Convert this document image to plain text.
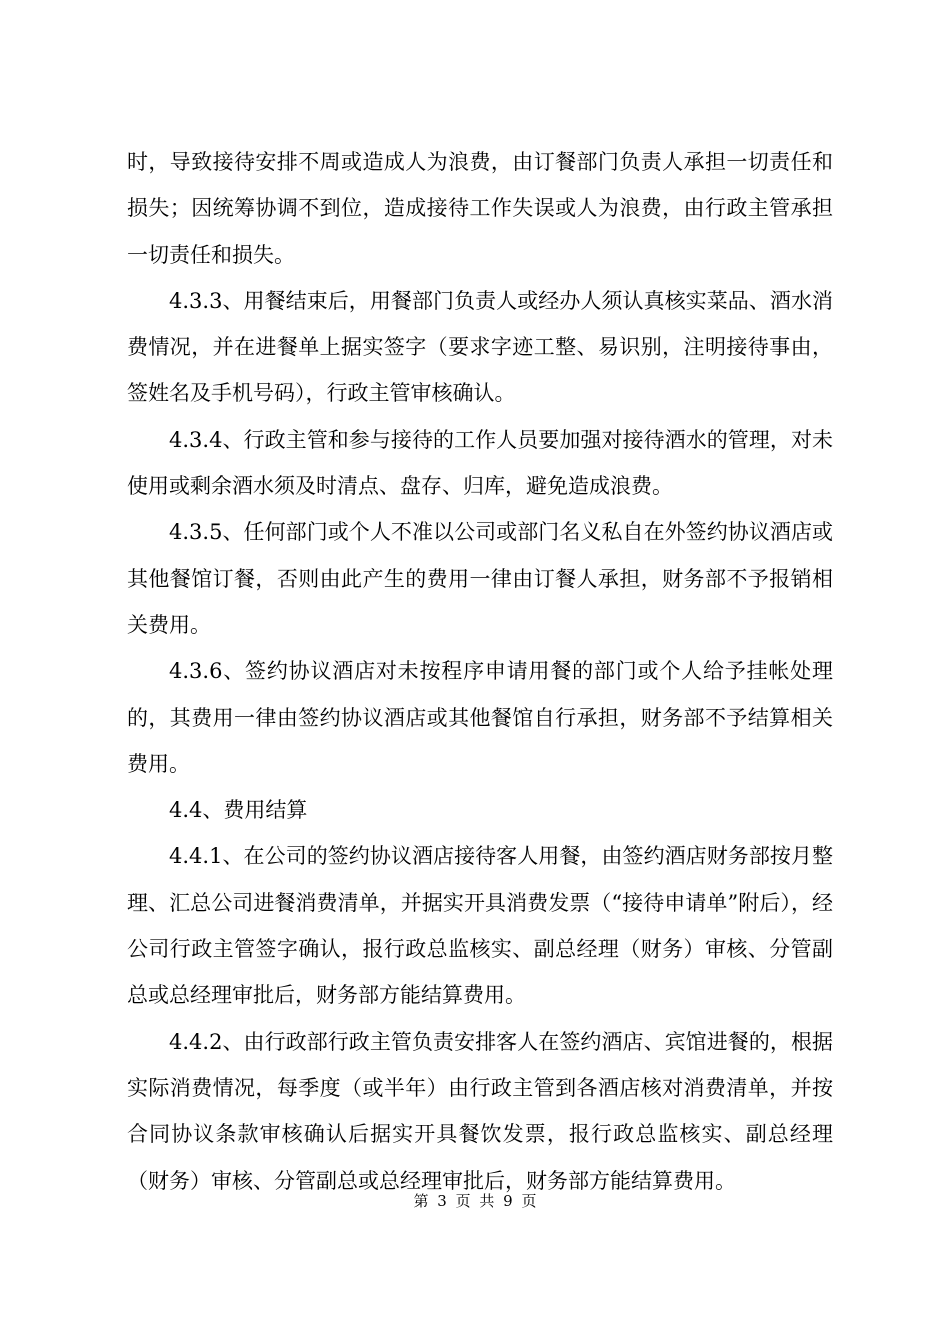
时，导致接待安排不周或造成人为浪费，由订餐部门负责人承担一切责任和损失；因统筹协调不到位，造成接待工作失误或人为浪费，由行政主管承担一切责任和损失。

4.3.3、用餐结束后，用餐部门负责人或经办人须认真核实菜品、酒水消费情况，并在进餐单上据实签字（要求字迹工整、易识别，注明接待事由，签姓名及手机号码），行政主管审核确认。

4.3.4、行政主管和参与接待的工作人员要加强对接待酒水的管理，对未使用或剩余酒水须及时清点、盘存、归库，避免造成浪费。

4.3.5、任何部门或个人不准以公司或部门名义私自在外签约协议酒店或其他餐馆订餐，否则由此产生的费用一律由订餐人承担，财务部不予报销相关费用。

4.3.6、签约协议酒店对未按程序申请用餐的部门或个人给予挂帐处理的，其费用一律由签约协议酒店或其他餐馆自行承担，财务部不予结算相关费用。

4.4、费用结算

4.4.1、在公司的签约协议酒店接待客人用餐，由签约酒店财务部按月整理、汇总公司进餐消费清单，并据实开具消费发票（“接待申请单”附后），经公司行政主管签字确认，报行政总监核实、副总经理（财务）审核、分管副总或总经理审批后，财务部方能结算费用。

4.4.2、由行政部行政主管负责安排客人在签约酒店、宾馆进餐的，根据实际消费情况，每季度（或半年）由行政主管到各酒店核对消费清单，并按合同协议条款审核确认后据实开具餐饮发票，报行政总监核实、副总经理（财务）审核、分管副总或总经理审批后，财务部方能结算费用。

第 3 页 共 9 页
